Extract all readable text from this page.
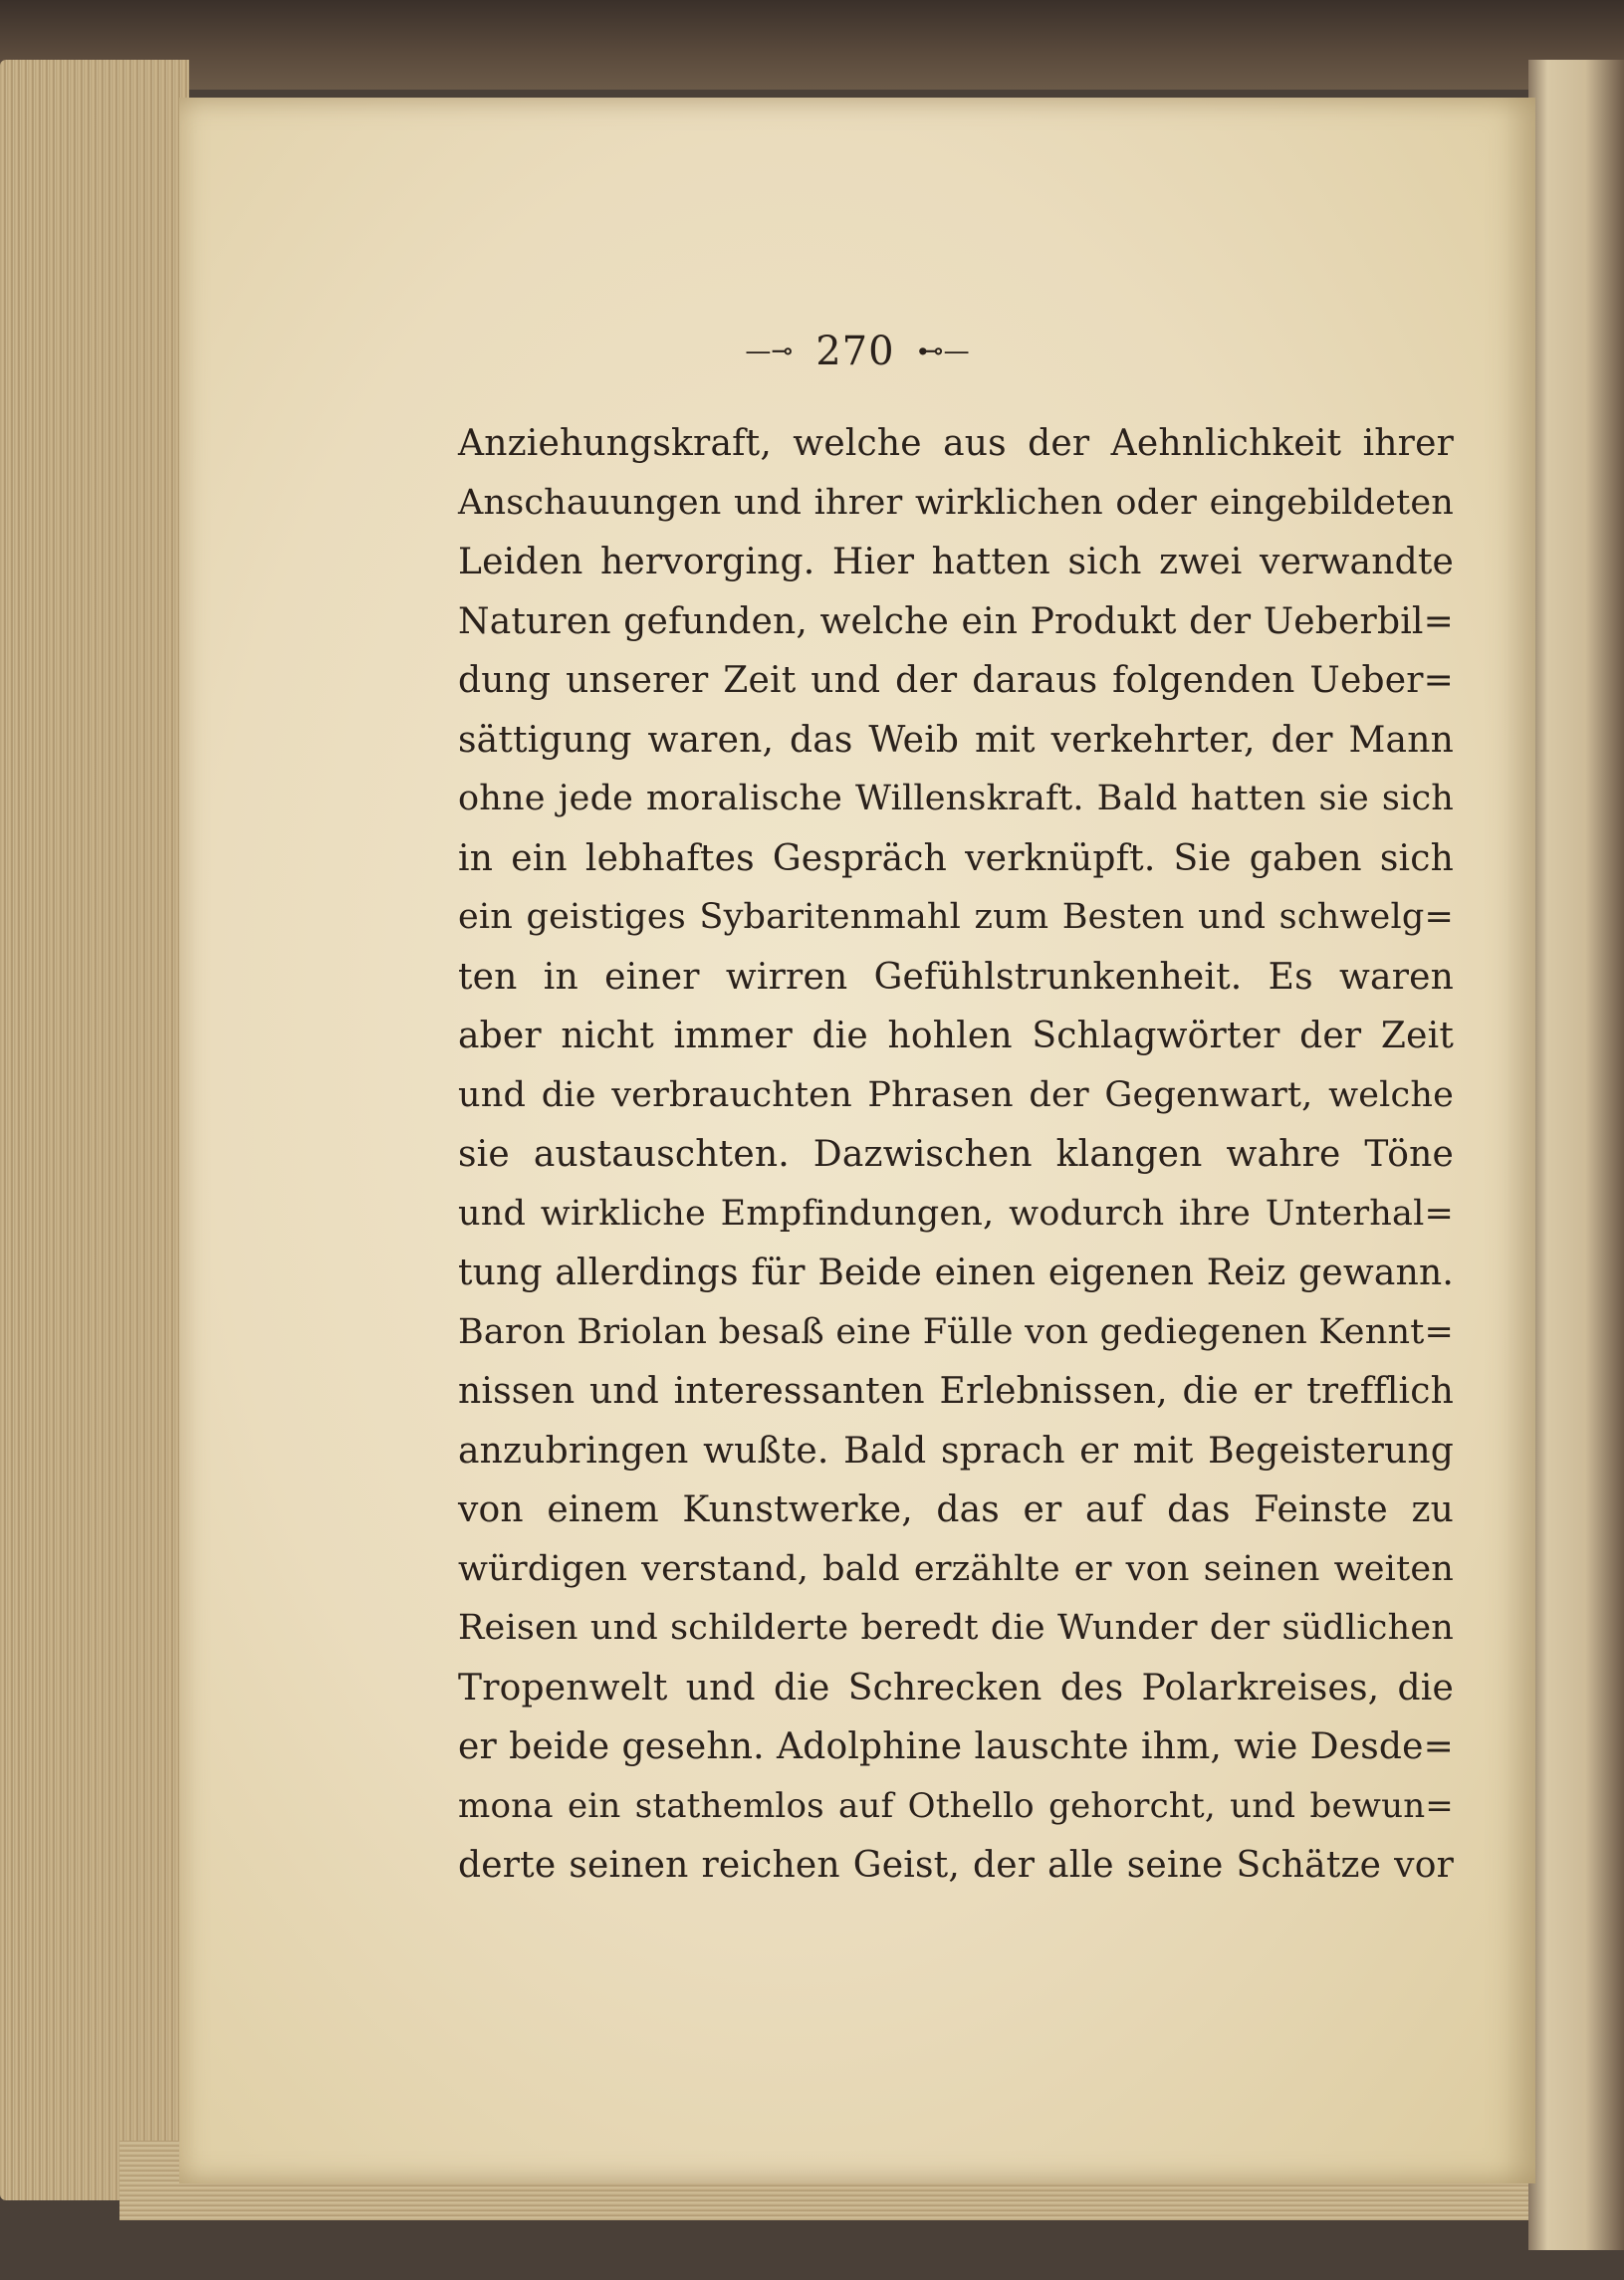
—⊸ 270 ⊷—
Anziehungskraft, welche aus der Aehnlichkeit ihrer
Anschauungen und ihrer wirklichen oder eingebildeten
Leiden hervorging. Hier hatten sich zwei verwandte
Naturen gefunden, welche ein Produkt der Ueberbil=
dung unserer Zeit und der daraus folgenden Ueber=
sättigung waren, das Weib mit verkehrter, der Mann
ohne jede moralische Willenskraft. Bald hatten sie sich
in ein lebhaftes Gespräch verknüpft. Sie gaben sich
ein geistiges Sybaritenmahl zum Besten und schwelg=
ten in einer wirren Gefühlstrunkenheit. Es waren
aber nicht immer die hohlen Schlagwörter der Zeit
und die verbrauchten Phrasen der Gegenwart, welche
sie austauschten. Dazwischen klangen wahre Töne
und wirkliche Empfindungen, wodurch ihre Unterhal=
tung allerdings für Beide einen eigenen Reiz gewann.
Baron Briolan besaß eine Fülle von gediegenen Kennt=
nissen und interessanten Erlebnissen, die er trefflich
anzubringen wußte. Bald sprach er mit Begeisterung
von einem Kunstwerke, das er auf das Feinste zu
würdigen verstand, bald erzählte er von seinen weiten
Reisen und schilderte beredt die Wunder der südlichen
Tropenwelt und die Schrecken des Polarkreises, die
er beide gesehn. Adolphine lauschte ihm, wie Desde=
mona ein stathemlos auf Othello gehorcht, und bewun=
derte seinen reichen Geist, der alle seine Schätze vor
